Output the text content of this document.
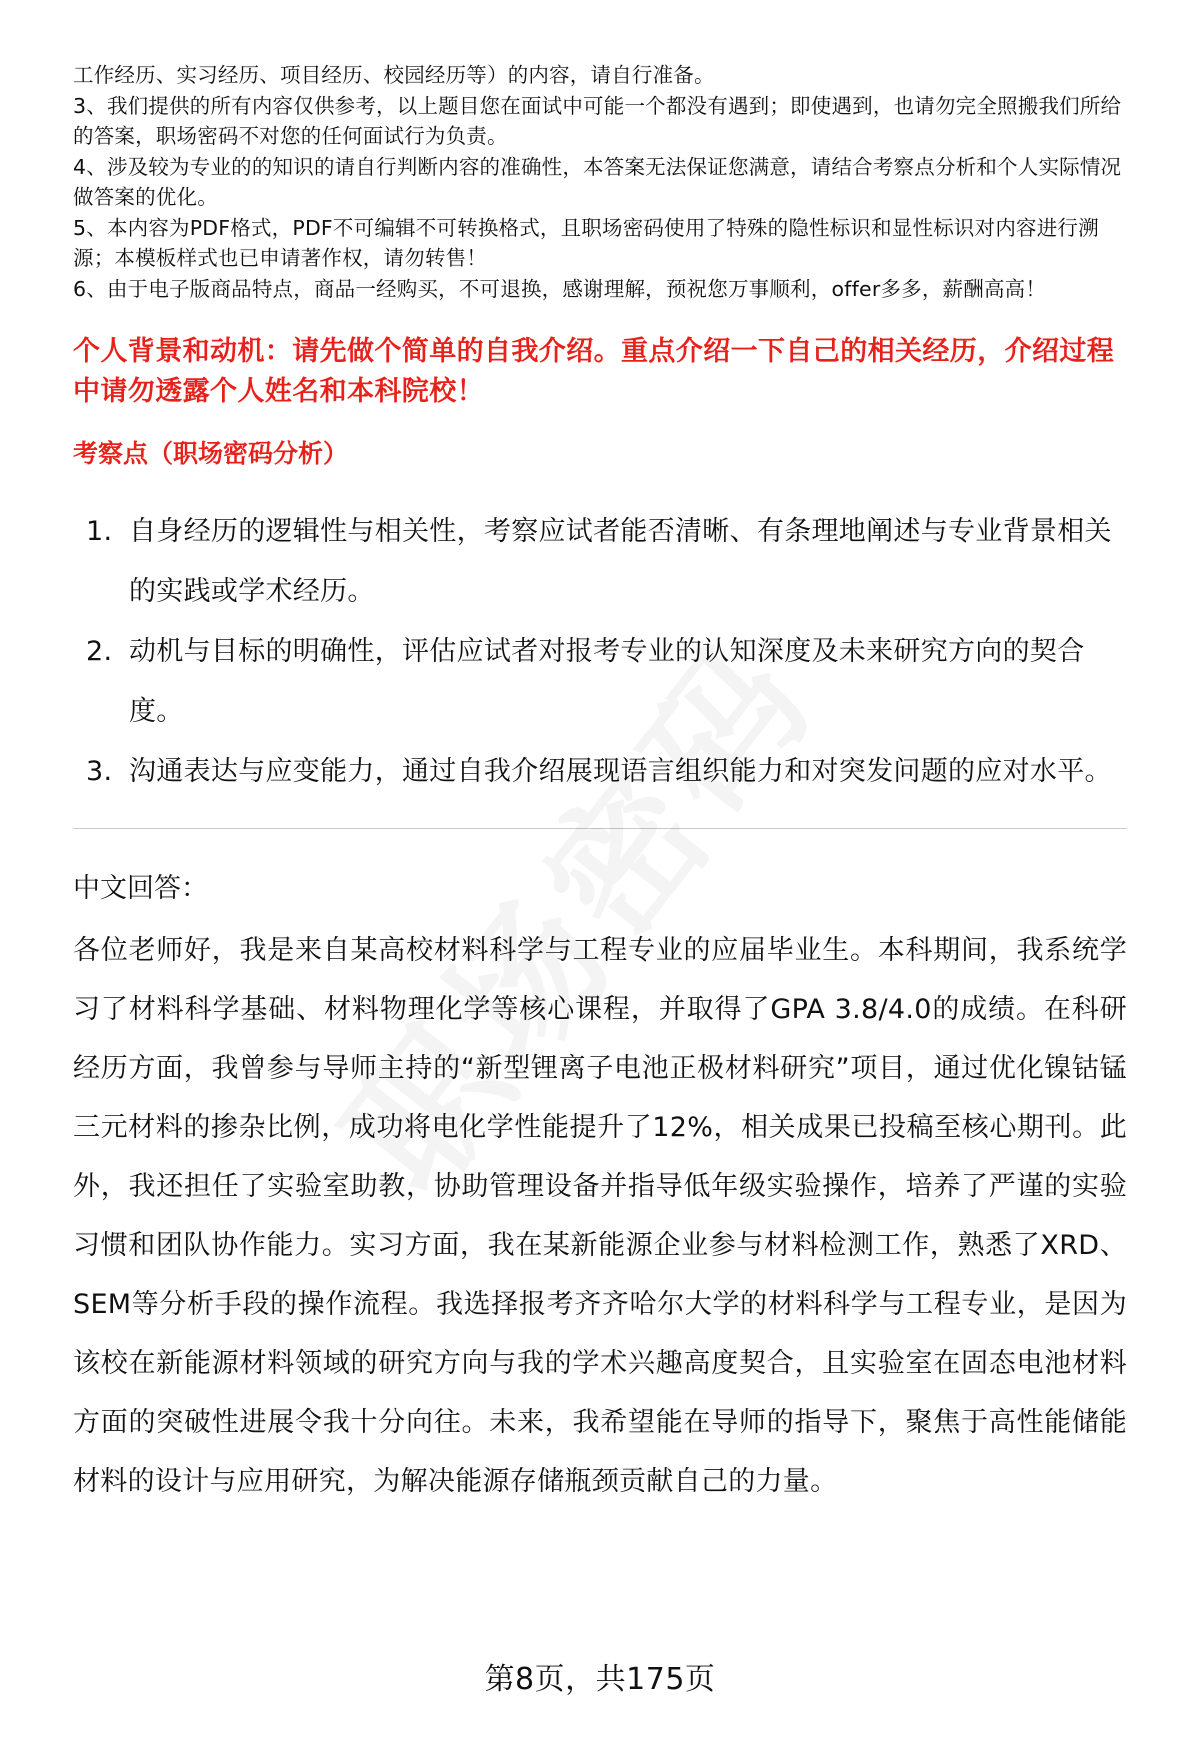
工作经历、实习经历、项目经历、校园经历等）的内容，请自行准备。

3、我们提供的所有内容仅供参考，以上题目您在面试中可能一个都没有遇到；即使遇到，也请勿完全照搬我们所给的答案，职场密码不对您的任何面试行为负责。

4、涉及较为专业的的知识的请自行判断内容的准确性，本答案无法保证您满意，请结合考察点分析和个人实际情况做答案的优化。

5、本内容为PDF格式，PDF不可编辑不可转换格式，且职场密码使用了特殊的隐性标识和显性标识对内容进行溯源；本模板样式也已申请著作权，请勿转售！

6、由于电子版商品特点，商品一经购买，不可退换，感谢理解，预祝您万事顺利，offer多多，薪酬高高！

个人背景和动机：请先做个简单的自我介绍。重点介绍一下自己的相关经历，介绍过程中请勿透露个人姓名和本科院校！
考察点（职场密码分析）
1. 自身经历的逻辑性与相关性，考察应试者能否清晰、有条理地阐述与专业背景相关的实践或学术经历。
2. 动机与目标的明确性，评估应试者对报考专业的认知深度及未来研究方向的契合度。
3. 沟通表达与应变能力，通过自我介绍展现语言组织能力和对突发问题的应对水平。
中文回答：
各位老师好，我是来自某高校材料科学与工程专业的应届毕业生。本科期间，我系统学习了材料科学基础、材料物理化学等核心课程，并取得了GPA 3.8/4.0的成绩。在科研经历方面，我曾参与导师主持的“新型锂离子电池正极材料研究”项目，通过优化镍钴锰三元材料的掺杂比例，成功将电化学性能提升了12%，相关成果已投稿至核心期刊。此外，我还担任了实验室助教，协助管理设备并指导低年级实验操作，培养了严谨的实验习惯和团队协作能力。实习方面，我在某新能源企业参与材料检测工作，熟悉了XRD、SEM等分析手段的操作流程。我选择报考齐齐哈尔大学的材料科学与工程专业，是因为该校在新能源材料领域的研究方向与我的学术兴趣高度契合，且实验室在固态电池材料方面的突破性进展令我十分向往。未来，我希望能在导师的指导下，聚焦于高性能储能材料的设计与应用研究，为解决能源存储瓶颈贡献自己的力量。
第8页，共175页
